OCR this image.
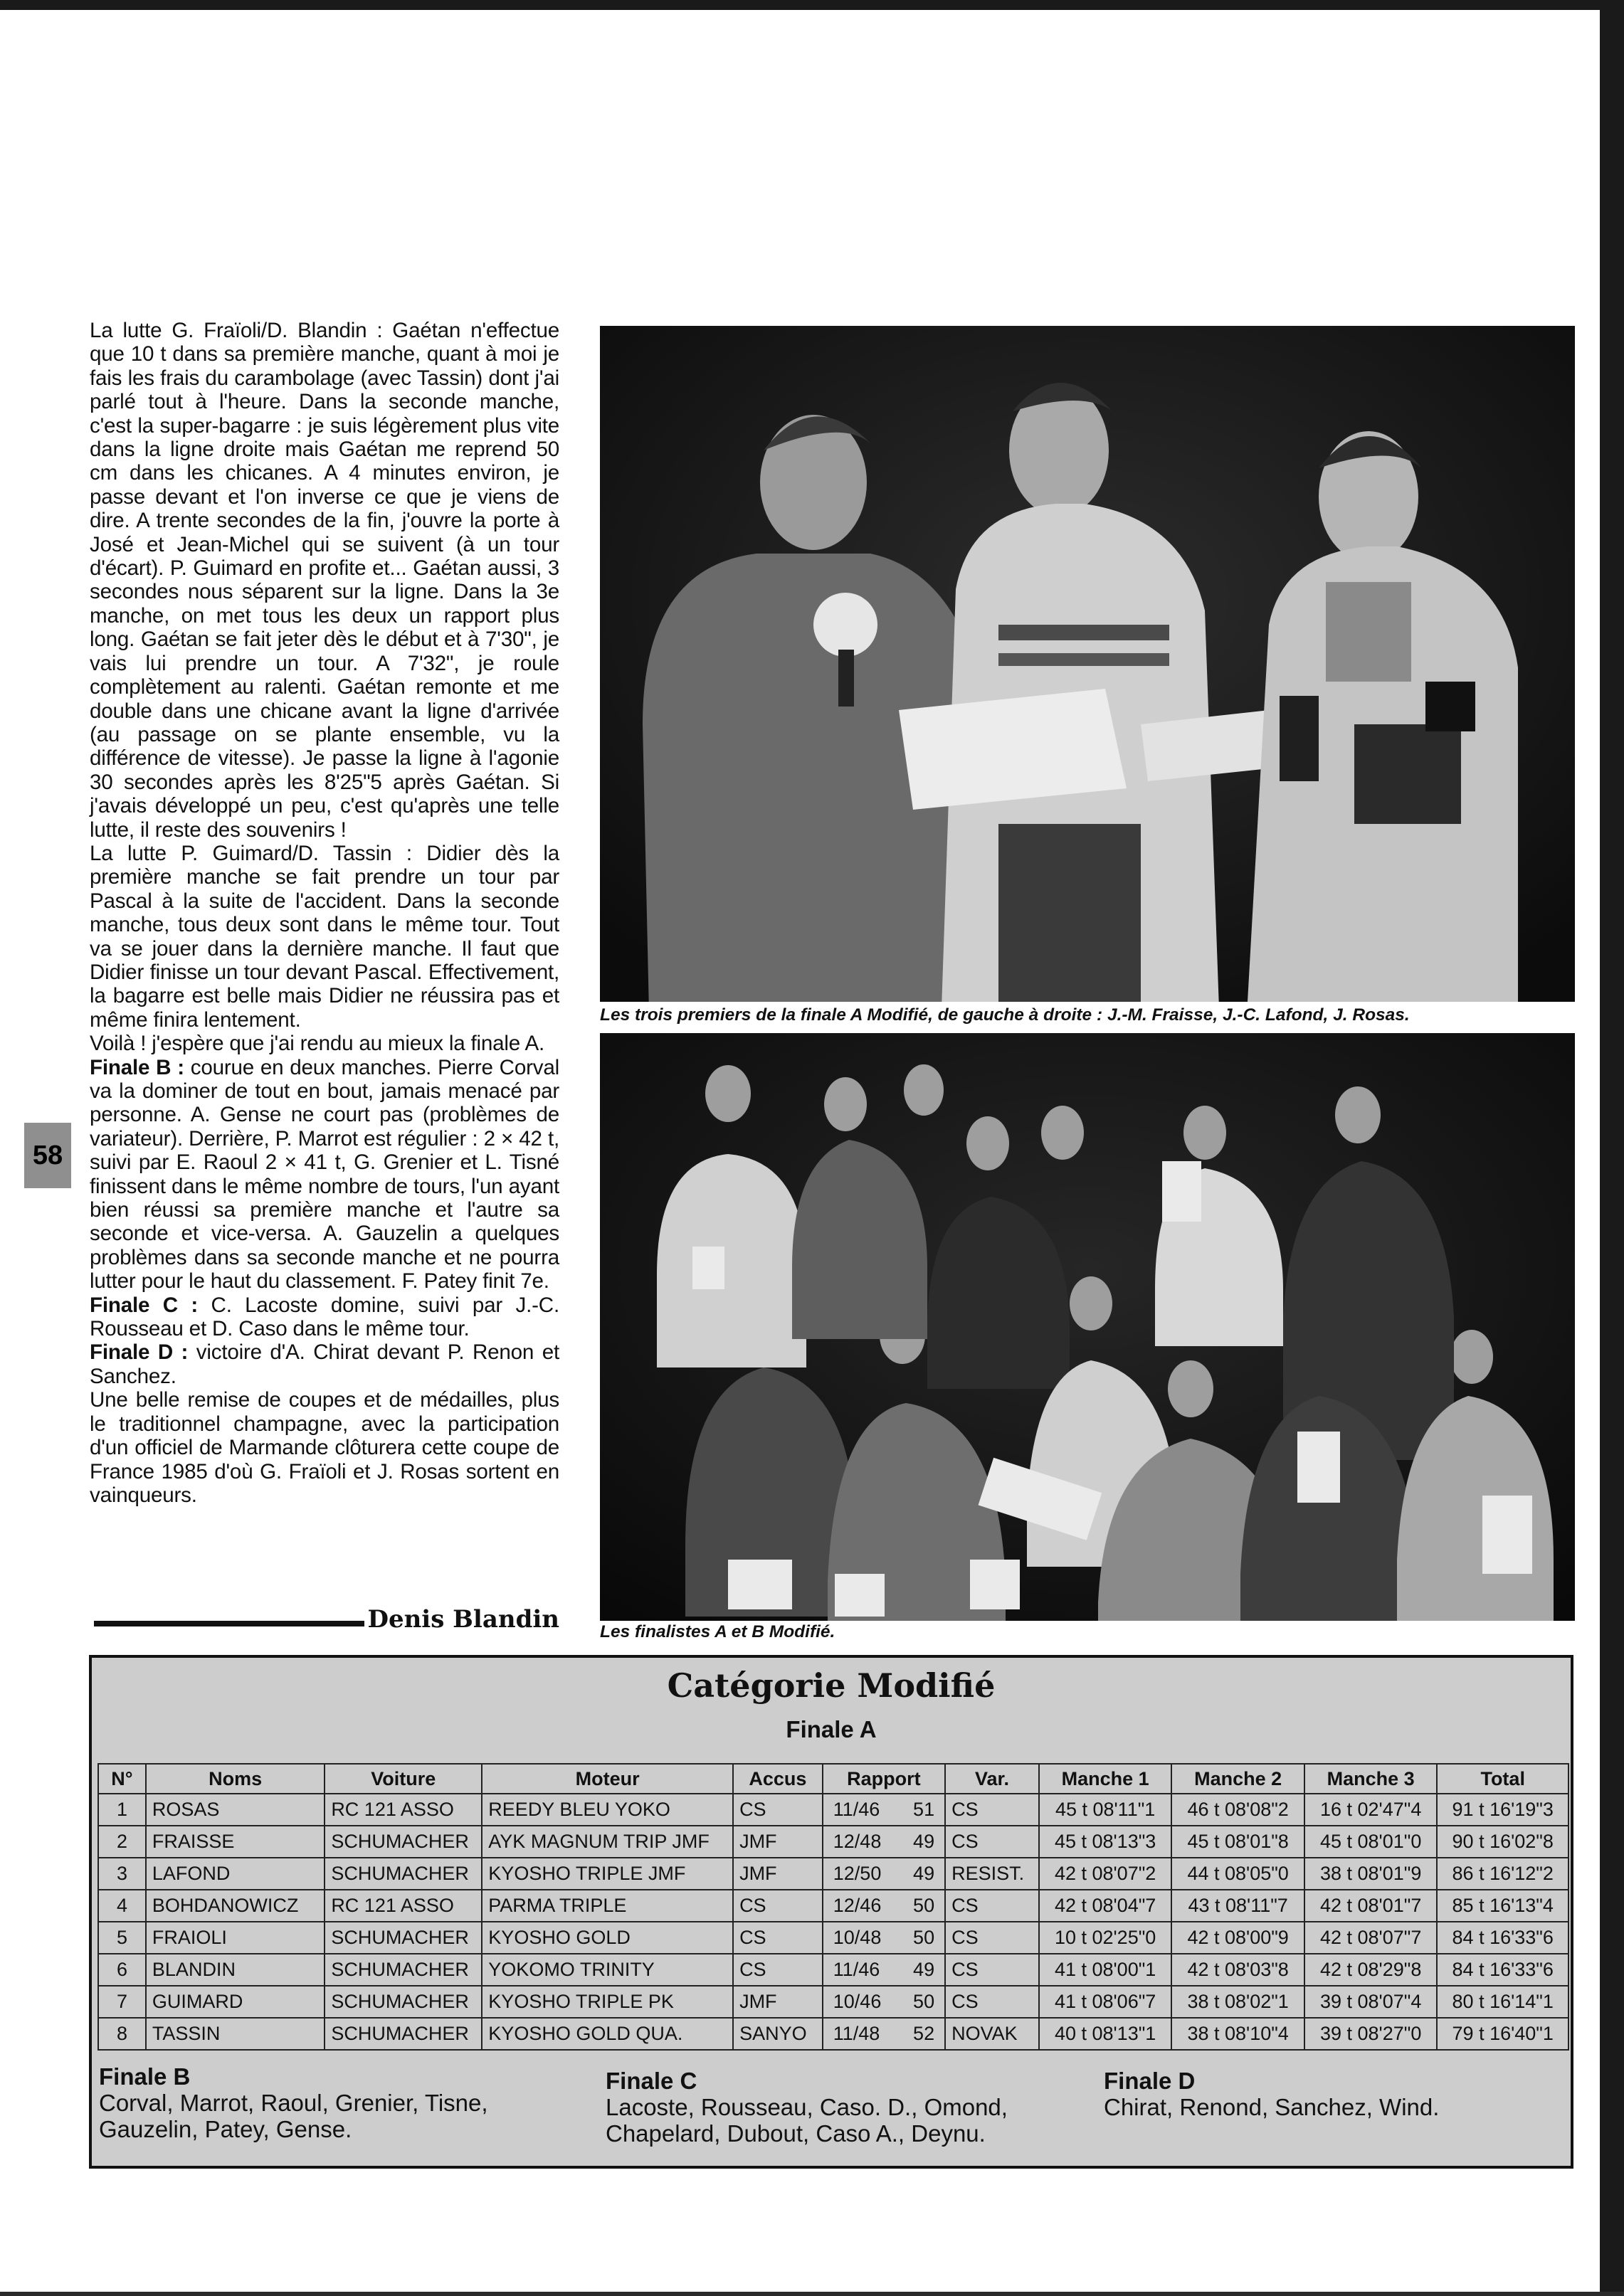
La lutte G. Fraïoli/D. Blandin : Gaétan n'effectue que 10 t dans sa première manche, quant à moi je fais les frais du carambolage (avec Tassin) dont j'ai parlé tout à l'heure. Dans la seconde manche, c'est la super-bagarre : je suis légèrement plus vite dans la ligne droite mais Gaétan me reprend 50 cm dans les chicanes. A 4 minutes environ, je passe devant et l'on inverse ce que je viens de dire. A trente secondes de la fin, j'ouvre la porte à José et Jean-Michel qui se suivent (à un tour d'écart). P. Guimard en profite et... Gaétan aussi, 3 secondes nous séparent sur la ligne. Dans la 3e manche, on met tous les deux un rapport plus long. Gaétan se fait jeter dès le début et à 7'30", je vais lui prendre un tour. A 7'32", je roule complètement au ralenti. Gaétan remonte et me double dans une chicane avant la ligne d'arrivée (au passage on se plante ensemble, vu la différence de vitesse). Je passe la ligne à l'agonie 30 secondes après les 8'25"5 après Gaétan. Si j'avais développé un peu, c'est qu'après une telle lutte, il reste des souvenirs !

La lutte P. Guimard/D. Tassin : Didier dès la première manche se fait prendre un tour par Pascal à la suite de l'accident. Dans la seconde manche, tous deux sont dans le même tour. Tout va se jouer dans la dernière manche. Il faut que Didier finisse un tour devant Pascal. Effectivement, la bagarre est belle mais Didier ne réussira pas et même finira lentement.

Voilà ! j'espère que j'ai rendu au mieux la finale A.

Finale B : courue en deux manches. Pierre Corval va la dominer de tout en bout, jamais menacé par personne. A. Gense ne court pas (problèmes de variateur). Derrière, P. Marrot est régulier : 2 × 42 t, suivi par E. Raoul 2 × 41 t, G. Grenier et L. Tisné finissent dans le même nombre de tours, l'un ayant bien réussi sa première manche et l'autre sa seconde et vice-versa. A. Gauzelin a quelques problèmes dans sa seconde manche et ne pourra lutter pour le haut du classement. F. Patey finit 7e.

Finale C : C. Lacoste domine, suivi par J.-C. Rousseau et D. Caso dans le même tour.

Finale D : victoire d'A. Chirat devant P. Renon et Sanchez.

Une belle remise de coupes et de médailles, plus le traditionnel champagne, avec la participation d'un officiel de Marmande clôturera cette coupe de France 1985 d'où G. Fraïoli et J. Rosas sortent en vainqueurs.

Denis Blandin
58
Les trois premiers de la finale A Modifié, de gauche à droite : J.-M. Fraisse, J.-C. Lafond, J. Rosas.
Les finalistes A et B Modifié.
Catégorie Modifié
Finale A
N°	Noms	Voiture	Moteur	Accus	Rapport	Var.	Manche 1	Manche 2	Manche 3	Total
1	ROSAS	RC 121 ASSO	REEDY BLEU YOKO	CS	11/46 51	CS	45 t 08'11"1	46 t 08'08"2	16 t 02'47"4	91 t 16'19"3
2	FRAISSE	SCHUMACHER	AYK MAGNUM TRIP JMF	JMF	12/48 49	CS	45 t 08'13"3	45 t 08'01"8	45 t 08'01"0	90 t 16'02"8
3	LAFOND	SCHUMACHER	KYOSHO TRIPLE JMF	JMF	12/50 49	RESIST.	42 t 08'07"2	44 t 08'05"0	38 t 08'01"9	86 t 16'12"2
4	BOHDANOWICZ	RC 121 ASSO	PARMA TRIPLE	CS	12/46 50	CS	42 t 08'04"7	43 t 08'11"7	42 t 08'01"7	85 t 16'13"4
5	FRAIOLI	SCHUMACHER	KYOSHO GOLD	CS	10/48 50	CS	10 t 02'25"0	42 t 08'00"9	42 t 08'07"7	84 t 16'33"6
6	BLANDIN	SCHUMACHER	YOKOMO TRINITY	CS	11/46 49	CS	41 t 08'00"1	42 t 08'03"8	42 t 08'29"8	84 t 16'33"6
7	GUIMARD	SCHUMACHER	KYOSHO TRIPLE PK	JMF	10/46 50	CS	41 t 08'06"7	38 t 08'02"1	39 t 08'07"4	80 t 16'14"1
8	TASSIN	SCHUMACHER	KYOSHO GOLD QUA.	SANYO	11/48 52	NOVAK	40 t 08'13"1	38 t 08'10"4	39 t 08'27"0	79 t 16'40"1
Finale B
Corval, Marrot, Raoul, Grenier, Tisne,
Gauzelin, Patey, Gense.
Finale C
Lacoste, Rousseau, Caso. D., Omond,
Chapelard, Dubout, Caso A., Deynu.
Finale D
Chirat, Renond, Sanchez, Wind.
